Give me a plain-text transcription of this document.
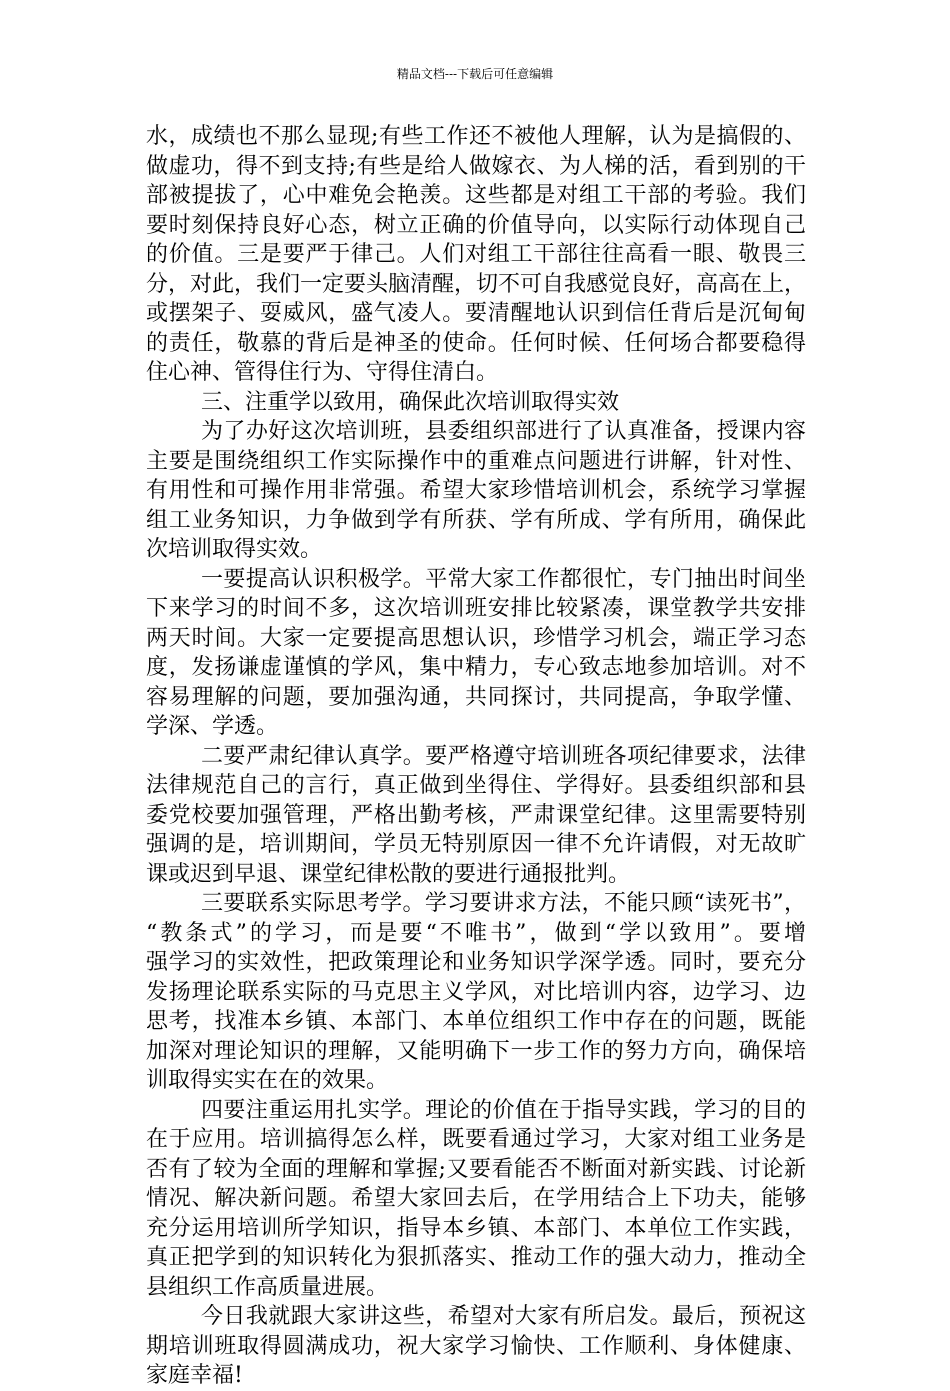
精品文档---下载后可任意编辑
水，成绩也不那么显现;有些工作还不被他人理解，认为是搞假的、
做虚功，得不到支持;有些是给人做嫁衣、为人梯的活，看到别的干
部被提拔了，心中难免会艳羡。这些都是对组工干部的考验。我们
要时刻保持良好心态，树立正确的价值导向，以实际行动体现自己
的价值。三是要严于律己。人们对组工干部往往高看一眼、敬畏三
分，对此，我们一定要头脑清醒，切不可自我感觉良好，高高在上，
或摆架子、耍威风，盛气凌人。要清醒地认识到信任背后是沉甸甸
的责任，敬慕的背后是神圣的使命。任何时候、任何场合都要稳得
住心神、管得住行为、守得住清白。
三、注重学以致用，确保此次培训取得实效
为了办好这次培训班，县委组织部进行了认真准备，授课内容
主要是围绕组织工作实际操作中的重难点问题进行讲解，针对性、
有用性和可操作用非常强。希望大家珍惜培训机会，系统学习掌握
组工业务知识，力争做到学有所获、学有所成、学有所用，确保此
次培训取得实效。
一要提高认识积极学。平常大家工作都很忙，专门抽出时间坐
下来学习的时间不多，这次培训班安排比较紧凑，课堂教学共安排
两天时间。大家一定要提高思想认识，珍惜学习机会，端正学习态
度，发扬谦虚谨慎的学风，集中精力，专心致志地参加培训。对不
容易理解的问题，要加强沟通，共同探讨，共同提高，争取学懂、
学深、学透。
二要严肃纪律认真学。要严格遵守培训班各项纪律要求，法律
法律规范自己的言行，真正做到坐得住、学得好。县委组织部和县
委党校要加强管理，严格出勤考核，严肃课堂纪律。这里需要特别
强调的是，培训期间，学员无特别原因一律不允许请假，对无故旷
课或迟到早退、课堂纪律松散的要进行通报批判。
三要联系实际思考学。学习要讲求方法，不能只顾“读死书”，
“教条式”的学习，而是要“不唯书”，做到“学以致用”。要增
强学习的实效性，把政策理论和业务知识学深学透。同时，要充分
发扬理论联系实际的马克思主义学风，对比培训内容，边学习、边
思考，找准本乡镇、本部门、本单位组织工作中存在的问题，既能
加深对理论知识的理解，又能明确下一步工作的努力方向，确保培
训取得实实在在的效果。
四要注重运用扎实学。理论的价值在于指导实践，学习的目的
在于应用。培训搞得怎么样，既要看通过学习，大家对组工业务是
否有了较为全面的理解和掌握;又要看能否不断面对新实践、讨论新
情况、解决新问题。希望大家回去后，在学用结合上下功夫，能够
充分运用培训所学知识，指导本乡镇、本部门、本单位工作实践，
真正把学到的知识转化为狠抓落实、推动工作的强大动力，推动全
县组织工作高质量进展。
今日我就跟大家讲这些，希望对大家有所启发。最后，预祝这
期培训班取得圆满成功，祝大家学习愉快、工作顺利、身体健康、
家庭幸福!
